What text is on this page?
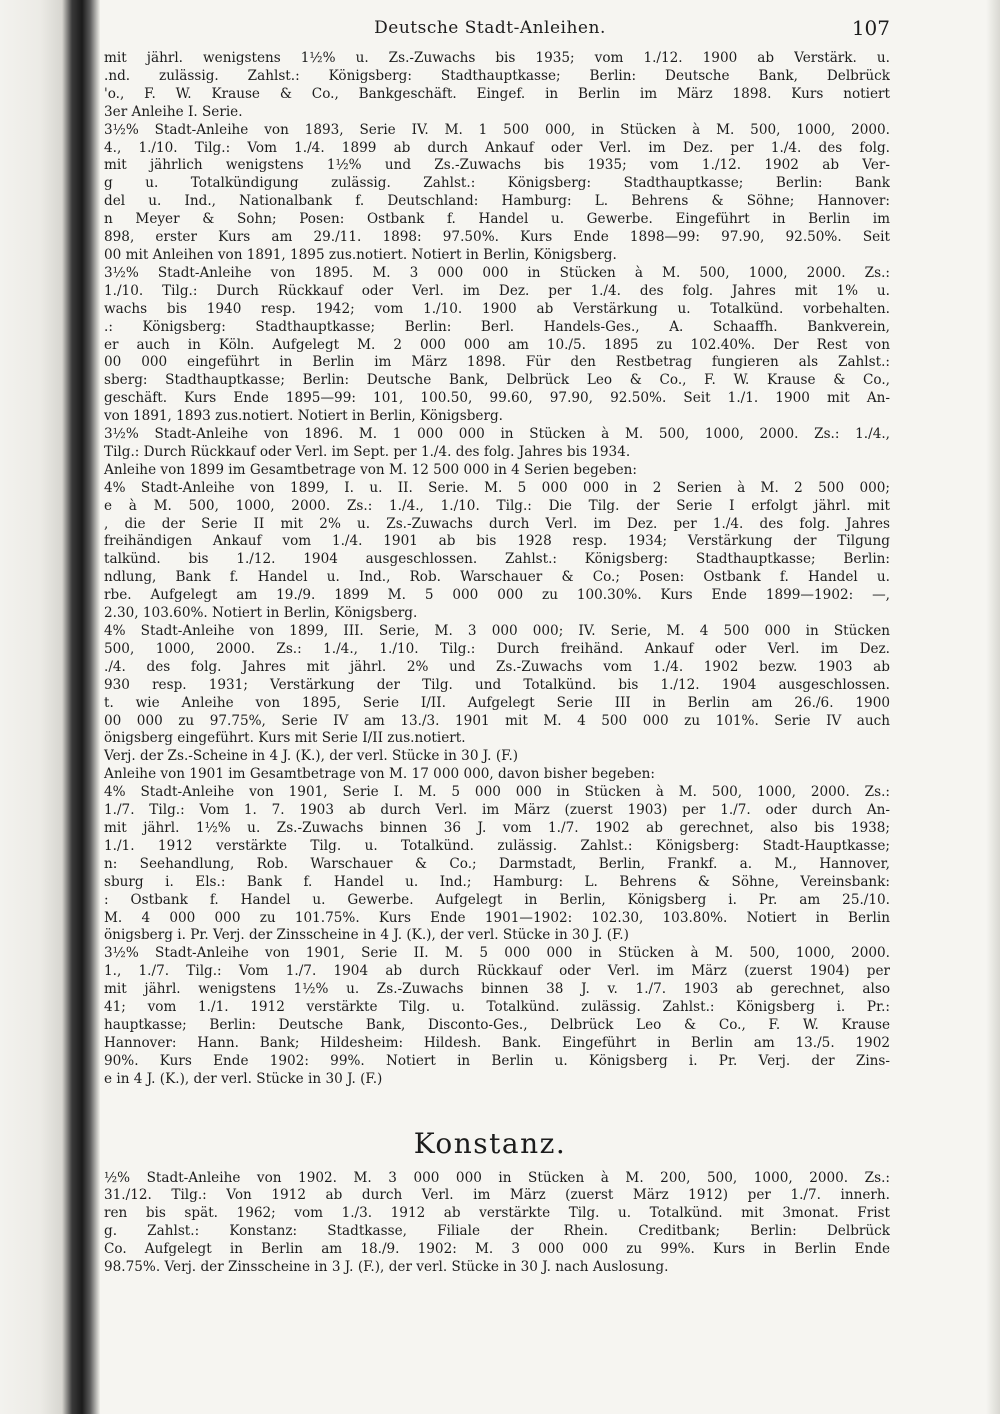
Deutsche Stadt-Anleihen.	107
mit jährl. wenigstens 1½% u. Zs.-Zuwachs bis 1935; vom 1./12. 1900 ab Verstärk. u.
.nd. zulässig. Zahlst.: Königsberg: Stadthauptkasse; Berlin: Deutsche Bank, Delbrück
'o., F. W. Krause & Co., Bankgeschäft. Eingef. in Berlin im März 1898. Kurs notiert
3er Anleihe I. Serie.
3½% Stadt-Anleihe von 1893, Serie IV. M. 1 500 000, in Stücken à M. 500, 1000, 2000.
4., 1./10. Tilg.: Vom 1./4. 1899 ab durch Ankauf oder Verl. im Dez. per 1./4. des folg.
mit jährlich wenigstens 1½% und Zs.-Zuwachs bis 1935; vom 1./12. 1902 ab Ver-
g u. Totalkündigung zulässig. Zahlst.: Königsberg: Stadthauptkasse; Berlin: Bank
del u. Ind., Nationalbank f. Deutschland: Hamburg: L. Behrens & Söhne; Hannover:
n Meyer & Sohn; Posen: Ostbank f. Handel u. Gewerbe. Eingeführt in Berlin im
898, erster Kurs am 29./11. 1898: 97.50%. Kurs Ende 1898—99: 97.90, 92.50%. Seit
00 mit Anleihen von 1891, 1895 zus.notiert. Notiert in Berlin, Königsberg.
3½% Stadt-Anleihe von 1895. M. 3 000 000 in Stücken à M. 500, 1000, 2000. Zs.:
1./10. Tilg.: Durch Rückkauf oder Verl. im Dez. per 1./4. des folg. Jahres mit 1% u.
wachs bis 1940 resp. 1942; vom 1./10. 1900 ab Verstärkung u. Totalkünd. vorbehalten.
.: Königsberg: Stadthauptkasse; Berlin: Berl. Handels-Ges., A. Schaaffh. Bankverein,
er auch in Köln. Aufgelegt M. 2 000 000 am 10./5. 1895 zu 102.40%. Der Rest von
00 000 eingeführt in Berlin im März 1898. Für den Restbetrag fungieren als Zahlst.:
sberg: Stadthauptkasse; Berlin: Deutsche Bank, Delbrück Leo & Co., F. W. Krause & Co.,
geschäft. Kurs Ende 1895—99: 101, 100.50, 99.60, 97.90, 92.50%. Seit 1./1. 1900 mit An-
von 1891, 1893 zus.notiert. Notiert in Berlin, Königsberg.
3½% Stadt-Anleihe von 1896. M. 1 000 000 in Stücken à M. 500, 1000, 2000. Zs.: 1./4.,
Tilg.: Durch Rückkauf oder Verl. im Sept. per 1./4. des folg. Jahres bis 1934.
Anleihe von 1899 im Gesamtbetrage von M. 12 500 000 in 4 Serien begeben:
4% Stadt-Anleihe von 1899, I. u. II. Serie. M. 5 000 000 in 2 Serien à M. 2 500 000;
e à M. 500, 1000, 2000. Zs.: 1./4., 1./10. Tilg.: Die Tilg. der Serie I erfolgt jährl. mit
, die der Serie II mit 2% u. Zs.-Zuwachs durch Verl. im Dez. per 1./4. des folg. Jahres
freihändigen Ankauf vom 1./4. 1901 ab bis 1928 resp. 1934; Verstärkung der Tilgung
talkünd. bis 1./12. 1904 ausgeschlossen. Zahlst.: Königsberg: Stadthauptkasse; Berlin:
ndlung, Bank f. Handel u. Ind., Rob. Warschauer & Co.; Posen: Ostbank f. Handel u.
rbe. Aufgelegt am 19./9. 1899 M. 5 000 000 zu 100.30%. Kurs Ende 1899—1902: —,
2.30, 103.60%. Notiert in Berlin, Königsberg.
4% Stadt-Anleihe von 1899, III. Serie, M. 3 000 000; IV. Serie, M. 4 500 000 in Stücken
500, 1000, 2000. Zs.: 1./4., 1./10. Tilg.: Durch freihänd. Ankauf oder Verl. im Dez.
./4. des folg. Jahres mit jährl. 2% und Zs.-Zuwachs vom 1./4. 1902 bezw. 1903 ab
930 resp. 1931; Verstärkung der Tilg. und Totalkünd. bis 1./12. 1904 ausgeschlossen.
t. wie Anleihe von 1895, Serie I/II. Aufgelegt Serie III in Berlin am 26./6. 1900
00 000 zu 97.75%, Serie IV am 13./3. 1901 mit M. 4 500 000 zu 101%. Serie IV auch
önigsberg eingeführt. Kurs mit Serie I/II zus.notiert.
Verj. der Zs.-Scheine in 4 J. (K.), der verl. Stücke in 30 J. (F.)
Anleihe von 1901 im Gesamtbetrage von M. 17 000 000, davon bisher begeben:
4% Stadt-Anleihe von 1901, Serie I. M. 5 000 000 in Stücken à M. 500, 1000, 2000. Zs.:
1./7. Tilg.: Vom 1. 7. 1903 ab durch Verl. im März (zuerst 1903) per 1./7. oder durch An-
mit jährl. 1½% u. Zs.-Zuwachs binnen 36 J. vom 1./7. 1902 ab gerechnet, also bis 1938;
1./1. 1912 verstärkte Tilg. u. Totalkünd. zulässig. Zahlst.: Königsberg: Stadt-Hauptkasse;
n: Seehandlung, Rob. Warschauer & Co.; Darmstadt, Berlin, Frankf. a. M., Hannover,
sburg i. Els.: Bank f. Handel u. Ind.; Hamburg: L. Behrens & Söhne, Vereinsbank:
: Ostbank f. Handel u. Gewerbe. Aufgelegt in Berlin, Königsberg i. Pr. am 25./10.
M. 4 000 000 zu 101.75%. Kurs Ende 1901—1902: 102.30, 103.80%. Notiert in Berlin
önigsberg i. Pr. Verj. der Zinsscheine in 4 J. (K.), der verl. Stücke in 30 J. (F.)
3½% Stadt-Anleihe von 1901, Serie II. M. 5 000 000 in Stücken à M. 500, 1000, 2000.
1., 1./7. Tilg.: Vom 1./7. 1904 ab durch Rückkauf oder Verl. im März (zuerst 1904) per
mit jährl. wenigstens 1½% u. Zs.-Zuwachs binnen 38 J. v. 1./7. 1903 ab gerechnet, also
41; vom 1./1. 1912 verstärkte Tilg. u. Totalkünd. zulässig. Zahlst.: Königsberg i. Pr.:
hauptkasse; Berlin: Deutsche Bank, Disconto-Ges., Delbrück Leo & Co., F. W. Krause
Hannover: Hann. Bank; Hildesheim: Hildesh. Bank. Eingeführt in Berlin am 13./5. 1902
90%. Kurs Ende 1902: 99%. Notiert in Berlin u. Königsberg i. Pr. Verj. der Zins-
e in 4 J. (K.), der verl. Stücke in 30 J. (F.)
Konstanz.
½% Stadt-Anleihe von 1902. M. 3 000 000 in Stücken à M. 200, 500, 1000, 2000. Zs.:
31./12. Tilg.: Von 1912 ab durch Verl. im März (zuerst März 1912) per 1./7. innerh.
ren bis spät. 1962; vom 1./3. 1912 ab verstärkte Tilg. u. Totalkünd. mit 3monat. Frist
g. Zahlst.: Konstanz: Stadtkasse, Filiale der Rhein. Creditbank; Berlin: Delbrück
Co. Aufgelegt in Berlin am 18./9. 1902: M. 3 000 000 zu 99%. Kurs in Berlin Ende
98.75%. Verj. der Zinsscheine in 3 J. (F.), der verl. Stücke in 30 J. nach Auslosung.
